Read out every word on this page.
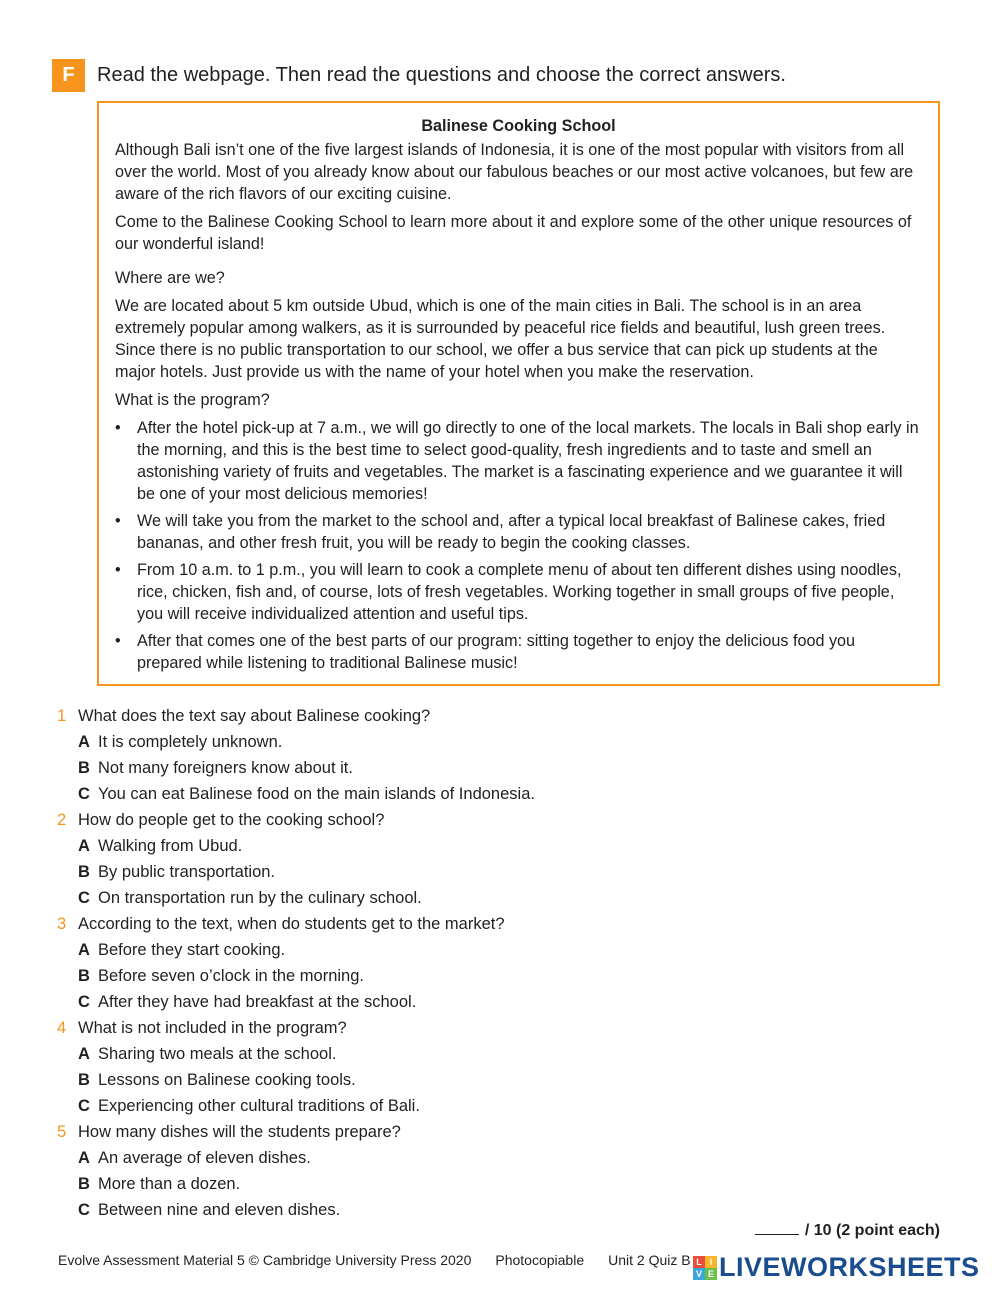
F	Read the webpage. Then read the questions and choose the correct answers.
Balinese Cooking School

Although Bali isn’t one of the five largest islands of Indonesia, it is one of the most popular with visitors from all over the world. Most of you already know about our fabulous beaches or our most active volcanoes, but few are aware of the rich flavors of our exciting cuisine.

Come to the Balinese Cooking School to learn more about it and explore some of the other unique resources of our wonderful island!

Where are we?

We are located about 5 km outside Ubud, which is one of the main cities in Bali. The school is in an area extremely popular among walkers, as it is surrounded by peaceful rice fields and beautiful, lush green trees. Since there is no public transportation to our school, we offer a bus service that can pick up students at the major hotels. Just provide us with the name of your hotel when you make the reservation.

What is the program?

• After the hotel pick-up at 7 a.m., we will go directly to one of the local markets. The locals in Bali shop early in the morning, and this is the best time to select good-quality, fresh ingredients and to taste and smell an astonishing variety of fruits and vegetables. The market is a fascinating experience and we guarantee it will be one of your most delicious memories!
• We will take you from the market to the school and, after a typical local breakfast of Balinese cakes, fried bananas, and other fresh fruit, you will be ready to begin the cooking classes.
• From 10 a.m. to 1 p.m., you will learn to cook a complete menu of about ten different dishes using noodles, rice, chicken, fish and, of course, lots of fresh vegetables. Working together in small groups of five people, you will receive individualized attention and useful tips.
• After that comes one of the best parts of our program: sitting together to enjoy the delicious food you prepared while listening to traditional Balinese music!
1 What does the text say about Balinese cooking?
A It is completely unknown.
B Not many foreigners know about it.
C You can eat Balinese food on the main islands of Indonesia.
2 How do people get to the cooking school?
A Walking from Ubud.
B By public transportation.
C On transportation run by the culinary school.
3 According to the text, when do students get to the market?
A Before they start cooking.
B Before seven o’clock in the morning.
C After they have had breakfast at the school.
4 What is not included in the program?
A Sharing two meals at the school.
B Lessons on Balinese cooking tools.
C Experiencing other cultural traditions of Bali.
5 How many dishes will the students prepare?
A An average of eleven dishes.
B More than a dozen.
C Between nine and eleven dishes.
/ 10 (2 point each)
Evolve Assessment Material 5 © Cambridge University Press 2020 Photocopiable Unit 2 Quiz B L I
V E LIVEWORKSHEETS
